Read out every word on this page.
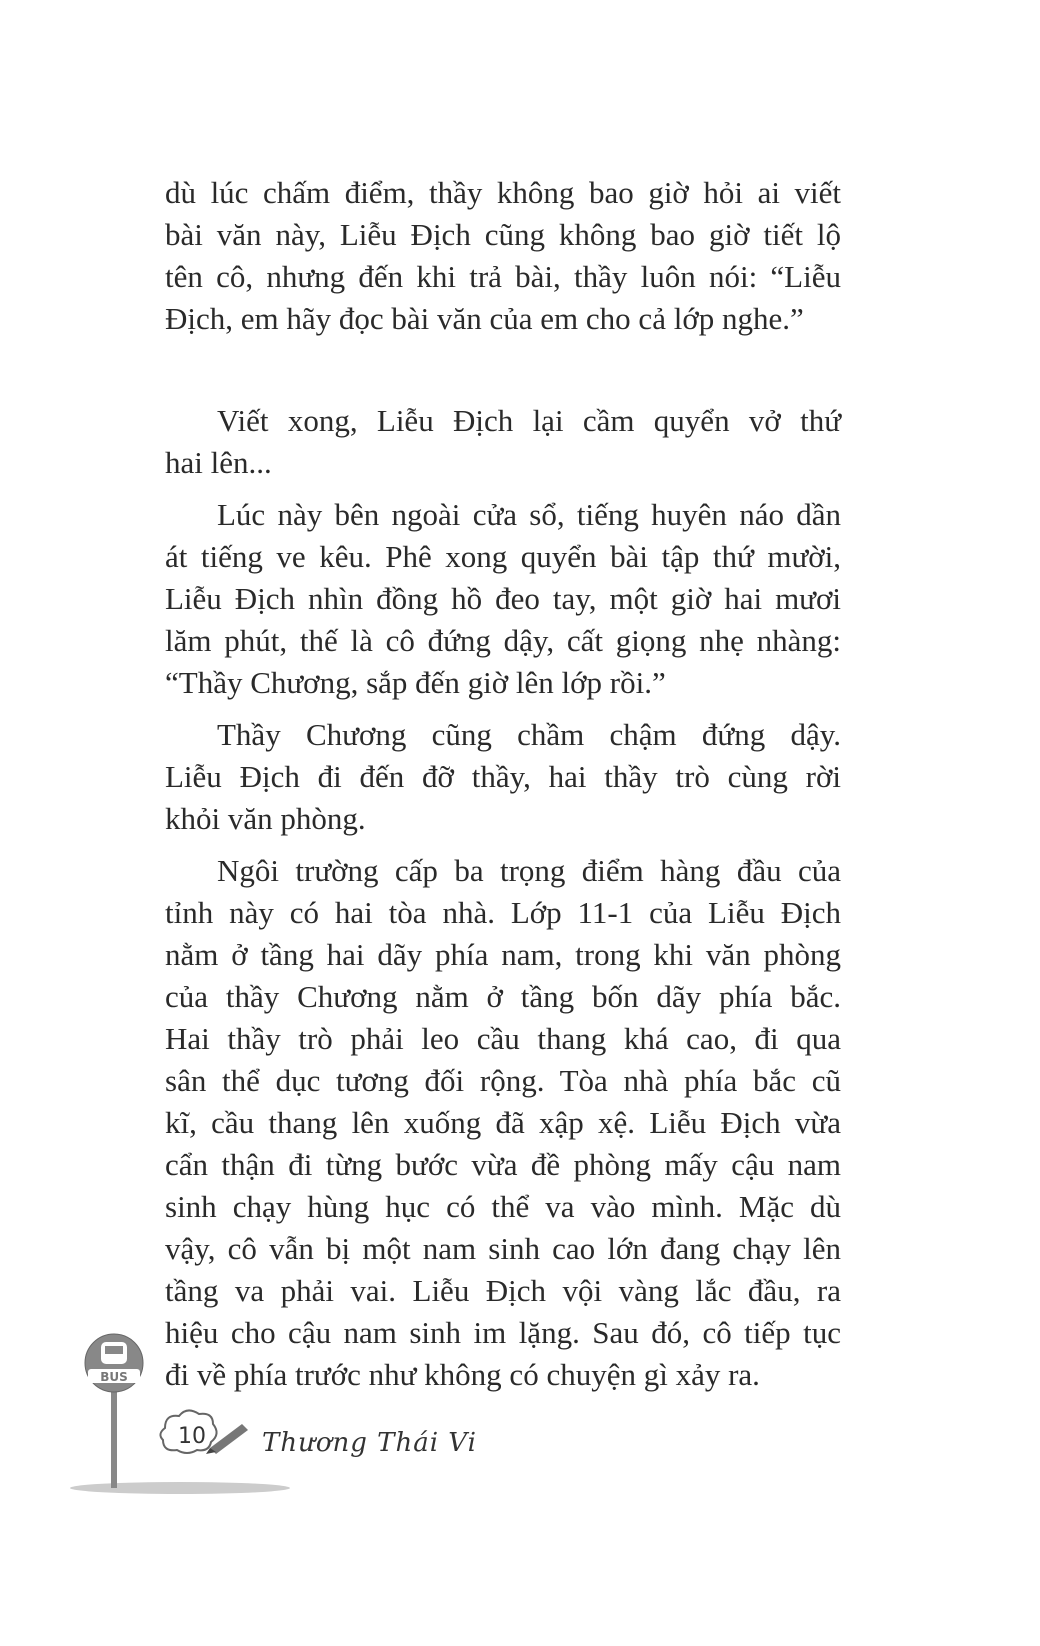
dù lúc chấm điểm, thầy không bao giờ hỏi ai viết
bài văn này, Liễu Địch cũng không bao giờ tiết lộ
tên cô, nhưng đến khi trả bài, thầy luôn nói: “Liễu
Địch, em hãy đọc bài văn của em cho cả lớp nghe.”
Viết xong, Liễu Địch lại cầm quyển vở thứ
hai lên...
Lúc này bên ngoài cửa sổ, tiếng huyên náo dần
át tiếng ve kêu. Phê xong quyển bài tập thứ mười,
Liễu Địch nhìn đồng hồ đeo tay, một giờ hai mươi
lăm phút, thế là cô đứng dậy, cất giọng nhẹ nhàng:
“Thầy Chương, sắp đến giờ lên lớp rồi.”
Thầy Chương cũng chầm chậm đứng dậy.
Liễu Địch đi đến đỡ thầy, hai thầy trò cùng rời
khỏi văn phòng.
Ngôi trường cấp ba trọng điểm hàng đầu của
tỉnh này có hai tòa nhà. Lớp 11-1 của Liễu Địch
nằm ở tầng hai dãy phía nam, trong khi văn phòng
của thầy Chương nằm ở tầng bốn dãy phía bắc.
Hai thầy trò phải leo cầu thang khá cao, đi qua
sân thể dục tương đối rộng. Tòa nhà phía bắc cũ
kĩ, cầu thang lên xuống đã xập xệ. Liễu Địch vừa
cẩn thận đi từng bước vừa đề phòng mấy cậu nam
sinh chạy hùng hục có thể va vào mình. Mặc dù
vậy, cô vẫn bị một nam sinh cao lớn đang chạy lên
tầng va phải vai. Liễu Địch vội vàng lắc đầu, ra
hiệu cho cậu nam sinh im lặng. Sau đó, cô tiếp tục
đi về phía trước như không có chuyện gì xảy ra.
BUS
10 Thương Thái Vi
